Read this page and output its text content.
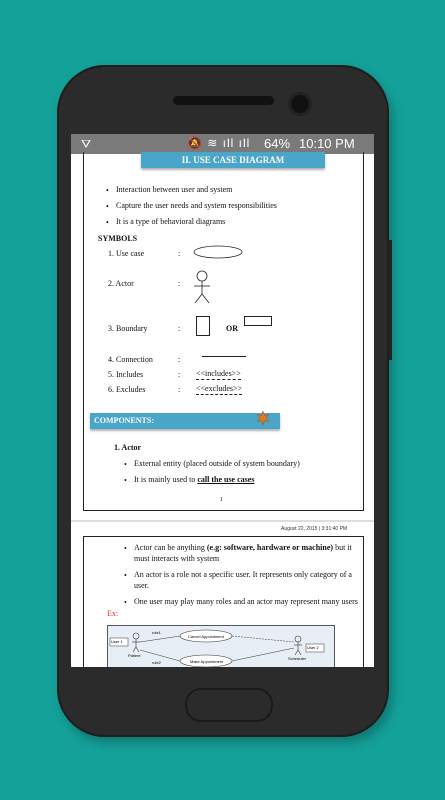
⛛	🔕 ≋ ıll ıll 64% 10:10 PM
II. USE CASE DIAGRAM
• Interaction between user and system
• Capture the user needs and system responsibilities
• It is a type of behavioral diagrams
SYMBOLS
1. Use case	:
2. Actor	:
3. Boundary	:	OR
4. Connection	:
5. Includes	: <<includes>>
6. Excludes	: <<excludes>>
COMPONENTS:
1. Actor
• External entity (placed outside of system boundary)
• It is mainly used to call the use cases
1
August 22, 2015 | 3:31:40 PM
• Actor can be anything (e.g: software, hardware or machine) but it
must interacts with system
• An actor is a role not a specific user. It represents only category of a
user.
• One user may play many roles and an actor may represent many users
Ex:
User 1
User 2
role1
role2
Cancel Appointment
Make Appointment
Patient
Scheduler
